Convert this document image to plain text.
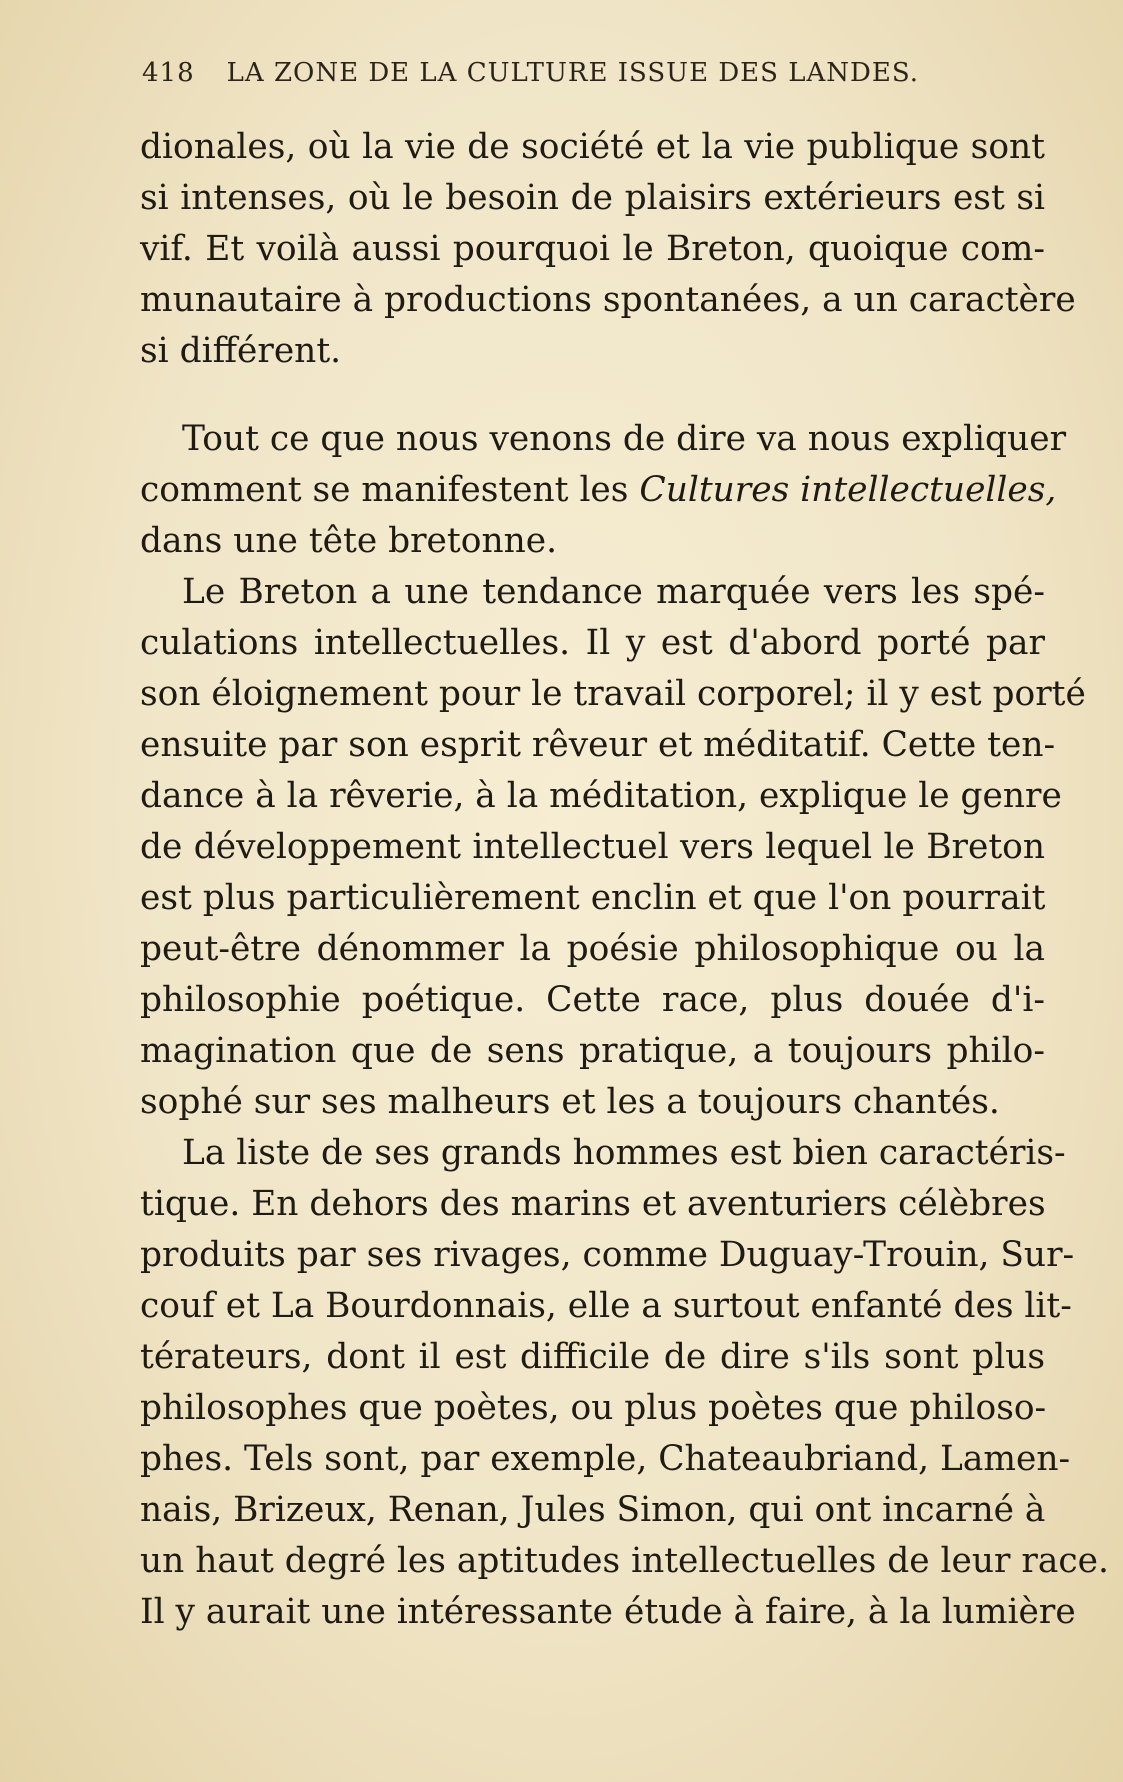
418 LA ZONE DE LA CULTURE ISSUE DES LANDES.
dionales, où la vie de société et la vie publique sont
si intenses, où le besoin de plaisirs extérieurs est si
vif. Et voilà aussi pourquoi le Breton, quoique com-
munautaire à productions spontanées, a un caractère
si différent.
Tout ce que nous venons de dire va nous expliquer
comment se manifestent les Cultures intellectuelles,
dans une tête bretonne.
Le Breton a une tendance marquée vers les spé-
culations intellectuelles. Il y est d'abord porté par
son éloignement pour le travail corporel; il y est porté
ensuite par son esprit rêveur et méditatif. Cette ten-
dance à la rêverie, à la méditation, explique le genre
de développement intellectuel vers lequel le Breton
est plus particulièrement enclin et que l'on pourrait
peut-être dénommer la poésie philosophique ou la
philosophie poétique. Cette race, plus douée d'i-
magination que de sens pratique, a toujours philo-
sophé sur ses malheurs et les a toujours chantés.
La liste de ses grands hommes est bien caractéris-
tique. En dehors des marins et aventuriers célèbres
produits par ses rivages, comme Duguay-Trouin, Sur-
couf et La Bourdonnais, elle a surtout enfanté des lit-
térateurs, dont il est difficile de dire s'ils sont plus
philosophes que poètes, ou plus poètes que philoso-
phes. Tels sont, par exemple, Chateaubriand, Lamen-
nais, Brizeux, Renan, Jules Simon, qui ont incarné à
un haut degré les aptitudes intellectuelles de leur race.
Il y aurait une intéressante étude à faire, à la lumière
